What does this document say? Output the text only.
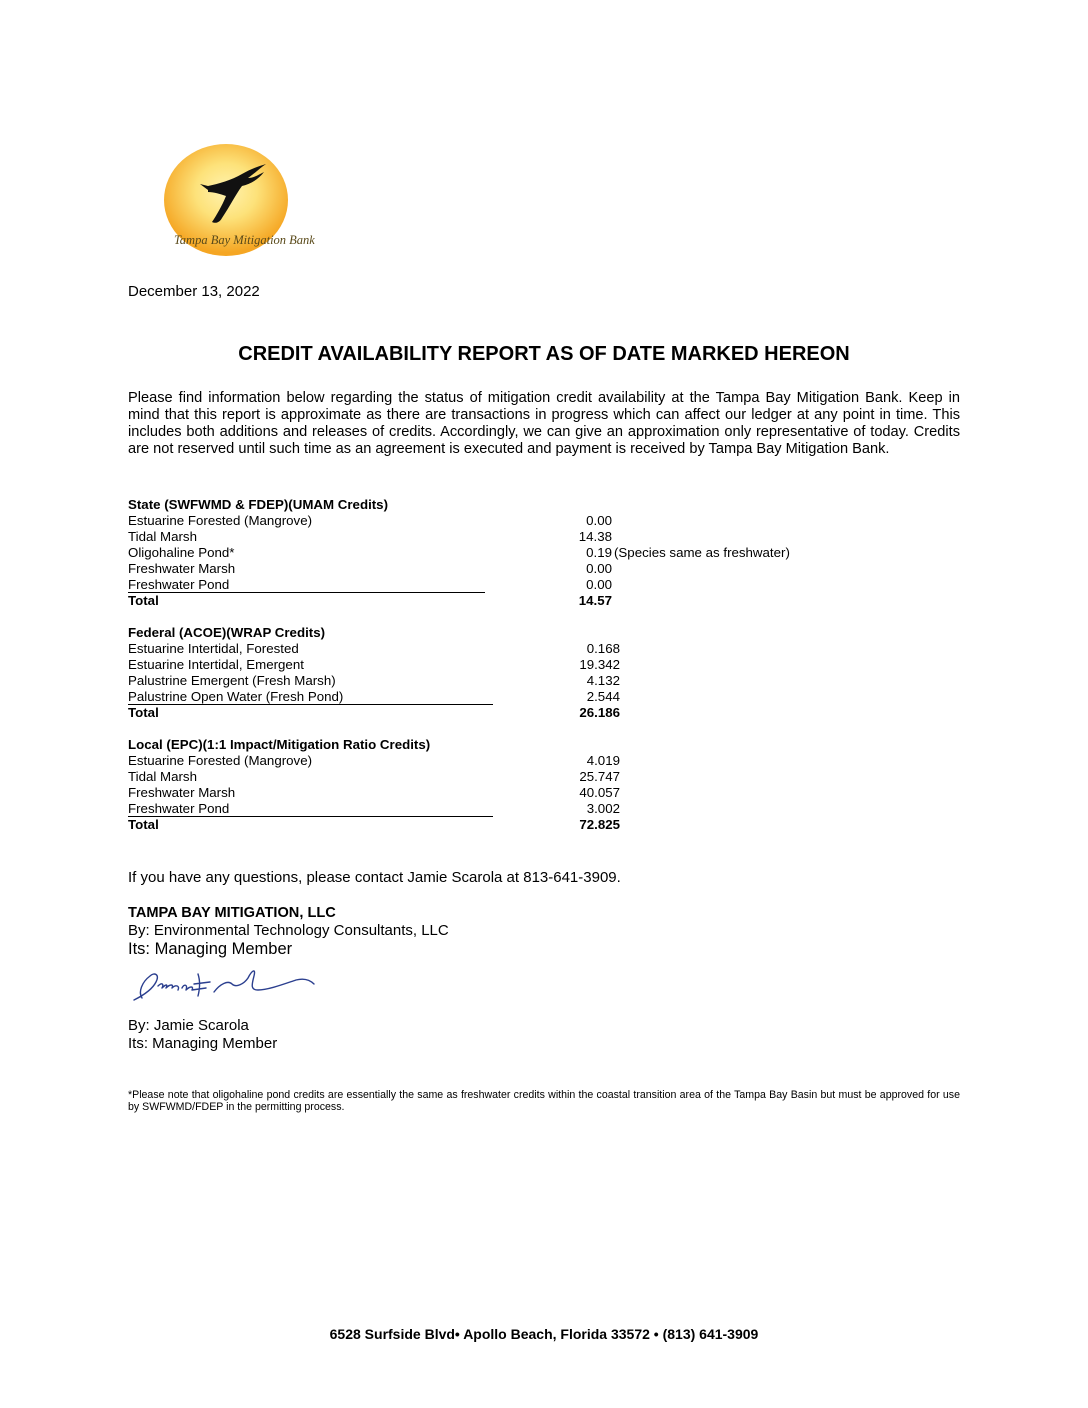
Tampa Bay Mitigation Bank
December 13, 2022
CREDIT AVAILABILITY REPORT AS OF DATE MARKED HEREON
Please find information below regarding the status of mitigation credit availability at the Tampa Bay Mitigation Bank. Keep in mind that this report is approximate as there are transactions in progress which can affect our ledger at any point in time. This includes both additions and releases of credits. Accordingly, we can give an approximation only representative of today. Credits are not reserved until such time as an agreement is executed and payment is received by Tampa Bay Mitigation Bank.
State (SWFWMD & FDEP)(UMAM Credits)
Estuarine Forested (Mangrove)	0.00
Tidal Marsh	14.38
Oligohaline Pond*	0.19 (Species same as freshwater)
Freshwater Marsh	0.00
Freshwater Pond	0.00
Total	14.57
Federal (ACOE)(WRAP Credits)
Estuarine Intertidal, Forested	0.168
Estuarine Intertidal, Emergent	19.342
Palustrine Emergent (Fresh Marsh)	4.132
Palustrine Open Water (Fresh Pond)	2.544
Total	26.186
Local (EPC)(1:1 Impact/Mitigation Ratio Credits)
Estuarine Forested (Mangrove)	4.019
Tidal Marsh	25.747
Freshwater Marsh	40.057
Freshwater Pond	3.002
Total	72.825
If you have any questions, please contact Jamie Scarola at 813-641-3909.
TAMPA BAY MITIGATION, LLC
By: Environmental Technology Consultants, LLC
Its: Managing Member
By: Jamie Scarola
Its: Managing Member
*Please note that oligohaline pond credits are essentially the same as freshwater credits within the coastal transition area of the Tampa Bay Basin but must be approved for use by SWFWMD/FDEP in the permitting process.
6528 Surfside Blvd• Apollo Beach, Florida 33572 • (813) 641-3909
